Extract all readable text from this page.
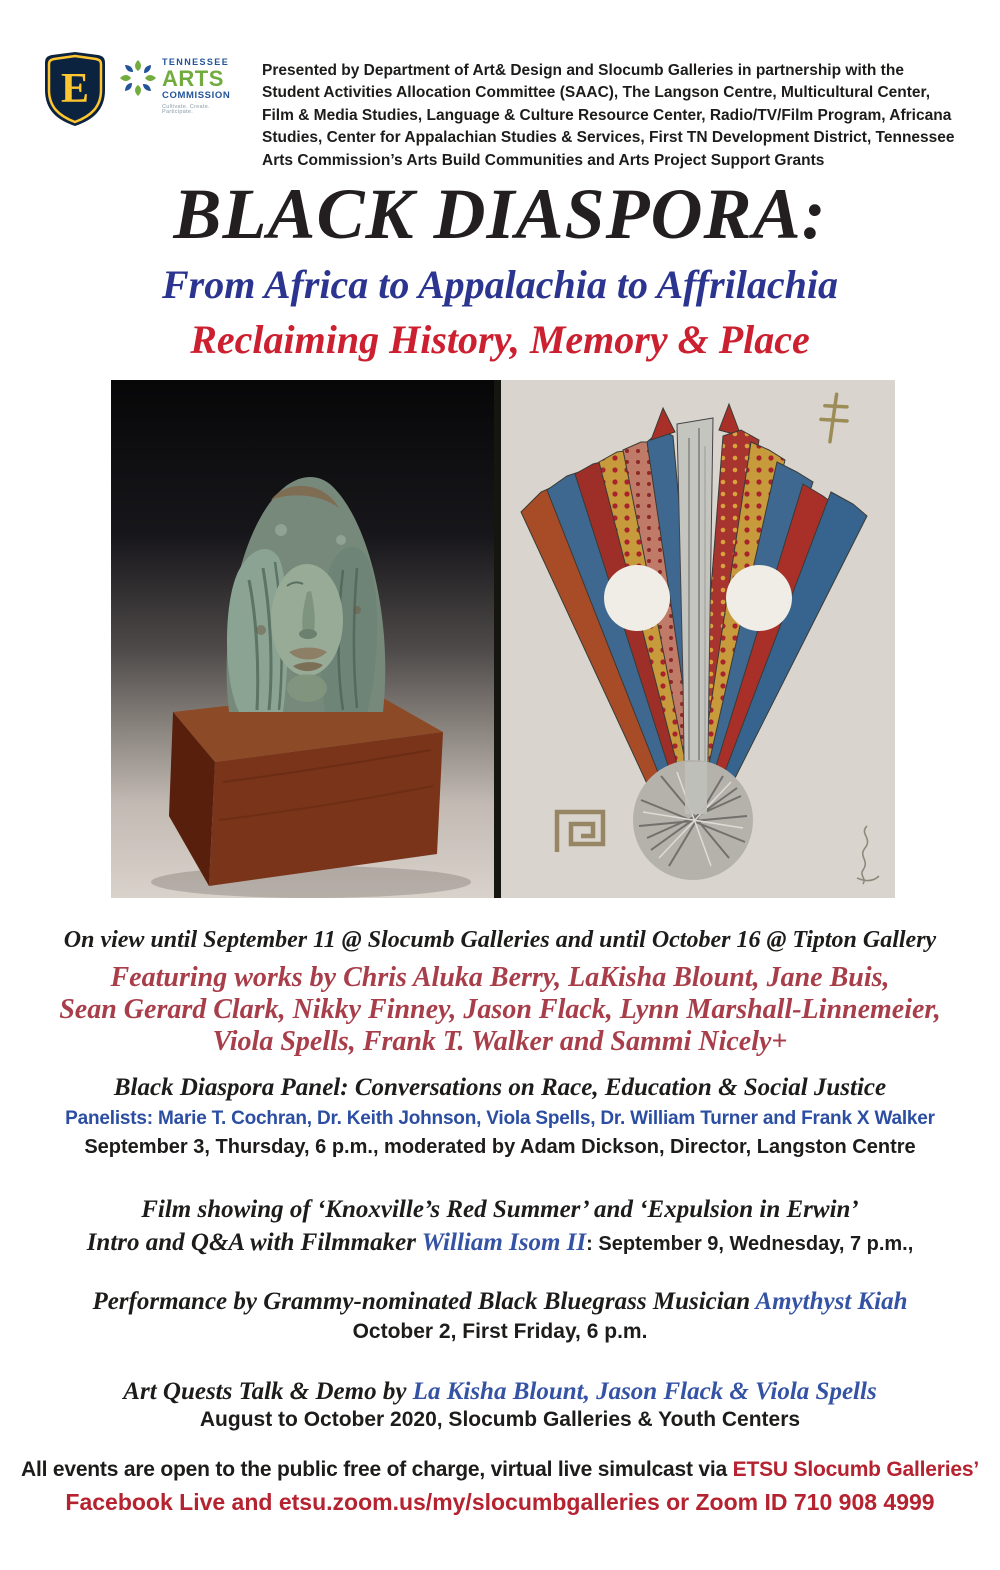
E
TENNESSEE
ARTS
COMMISSION
Cultivate. Create. Participate.

Presented by Department of Art& Design and Slocumb Galleries in partnership with the Student Activities Allocation Committee (SAAC), The Langson Centre, Multicultural Center, Film & Media Studies, Language & Culture Resource Center, Radio/TV/Film Program, Africana Studies, Center for Appalachian Studies & Services, First TN Development District, Tennessee Arts Commission’s Arts Build Communities and Arts Project Support Grants

BLACK DIASPORA:
From Africa to Appalachia to Affrilachia
Reclaiming History, Memory & Place
On view until September 11 @ Slocumb Galleries and until October 16 @ Tipton Gallery
Featuring works by Chris Aluka Berry, LaKisha Blount, Jane Buis,
Sean Gerard Clark, Nikky Finney, Jason Flack, Lynn Marshall-Linnemeier,
Viola Spells, Frank T. Walker and Sammi Nicely+
Black Diaspora Panel: Conversations on Race, Education & Social Justice
Panelists: Marie T. Cochran, Dr. Keith Johnson, Viola Spells, Dr. William Turner and Frank X Walker
September 3, Thursday, 6 p.m., moderated by Adam Dickson, Director, Langston Centre
Film showing of ‘Knoxville’s Red Summer’ and ‘Expulsion in Erwin’
Intro and Q&A with Filmmaker William Isom II: September 9, Wednesday, 7 p.m.,
Performance by Grammy-nominated Black Bluegrass Musician Amythyst Kiah
October 2, First Friday, 6 p.m.
Art Quests Talk & Demo by La Kisha Blount, Jason Flack & Viola Spells
August to October 2020, Slocumb Galleries & Youth Centers
All events are open to the public free of charge, virtual live simulcast via ETSU Slocumb Galleries’
Facebook Live and etsu.zoom.us/my/slocumbgalleries or Zoom ID 710 908 4999
